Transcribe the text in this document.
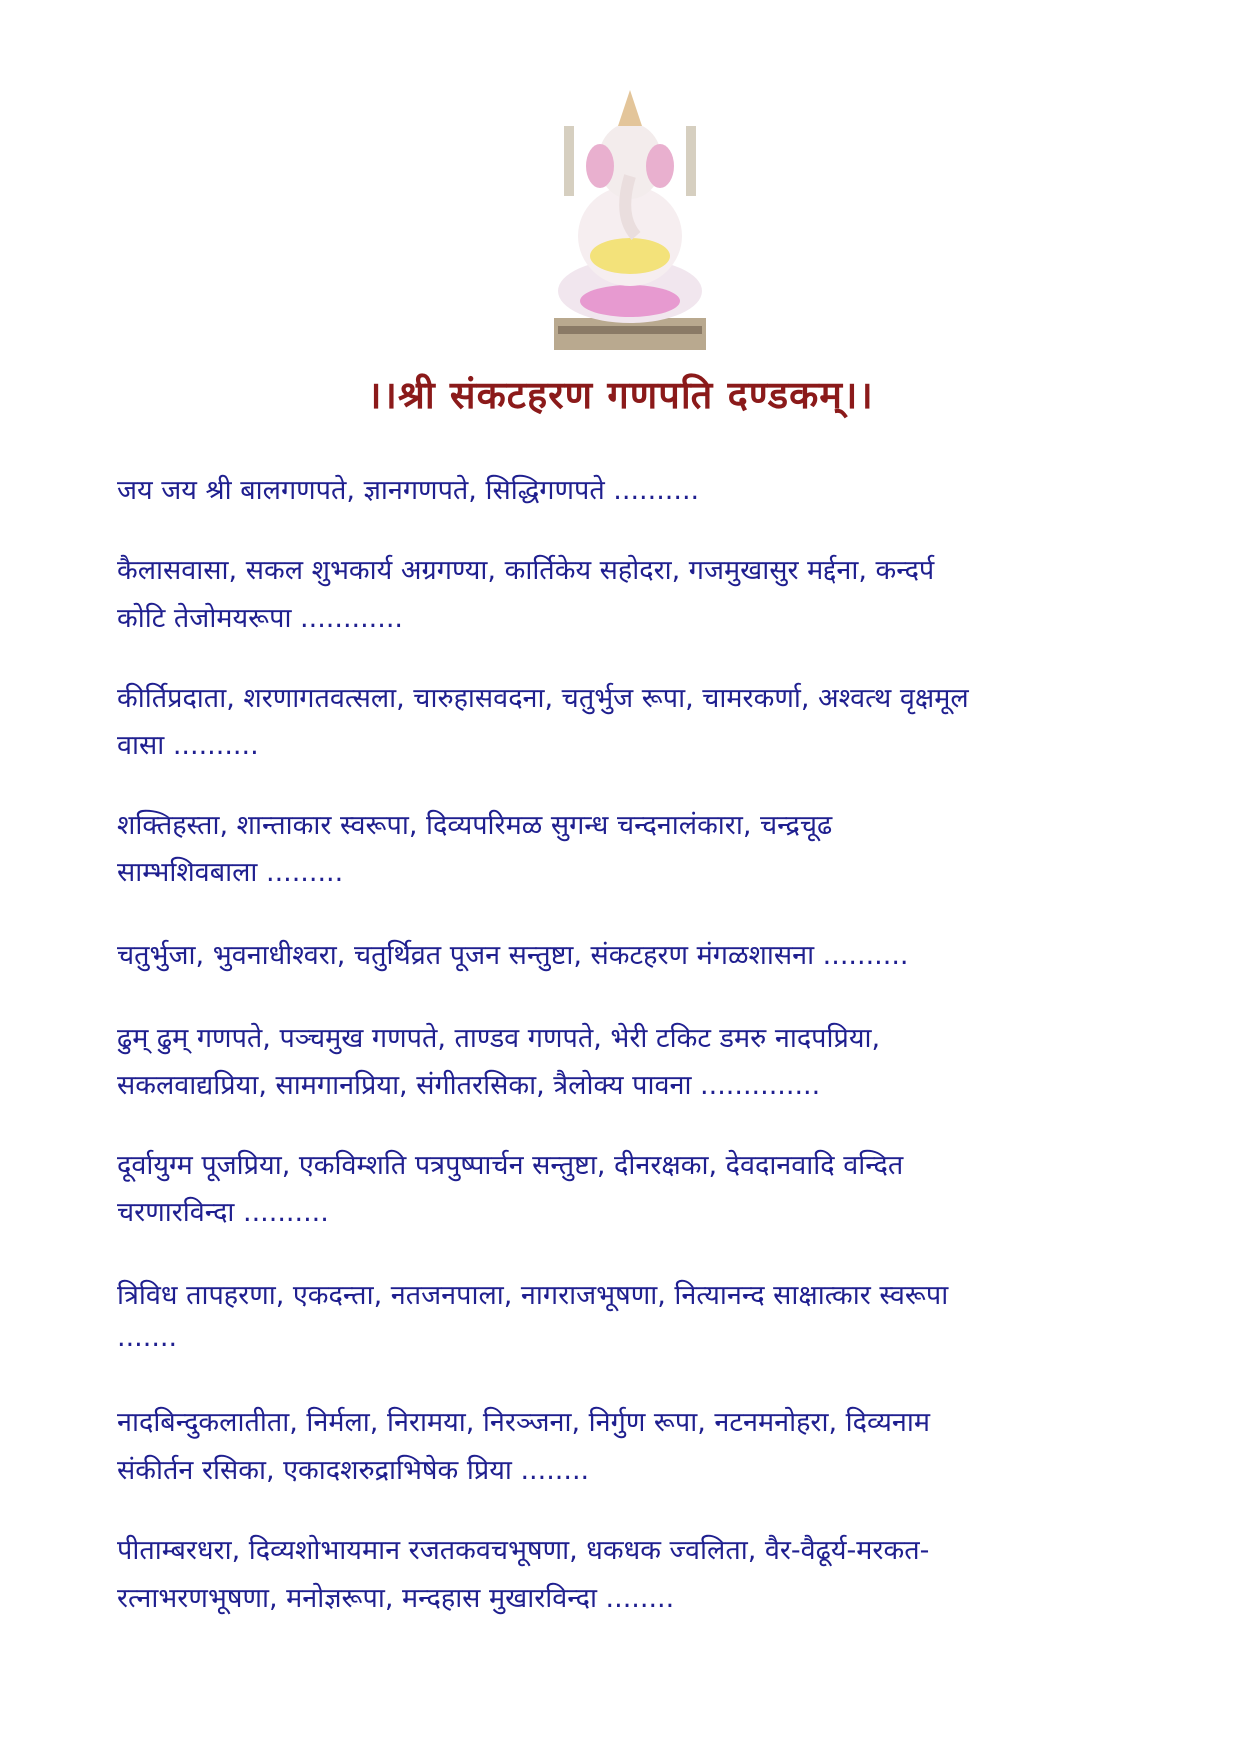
।।श्री संकटहरण गणपति दण्डकम्।।
जय जय श्री बालगणपते, ज्ञानगणपते, सिद्धिगणपते ..........
कैलासवासा, सकल शुभकार्य अग्रगण्या, कार्तिकेय सहोदरा, गजमुखासुर मर्द्दना, कन्दर्प
कोटि तेजोमयरूपा ............
कीर्तिप्रदाता, शरणागतवत्सला, चारुहासवदना, चतुर्भुज रूपा, चामरकर्णा, अश्वत्थ वृक्षमूल
वासा ..........
शक्तिहस्ता, शान्ताकार स्वरूपा, दिव्यपरिमळ सुगन्ध चन्दनालंकारा, चन्द्रचूढ
साम्भशिवबाला .........
चतुर्भुजा, भुवनाधीश्वरा, चतुर्थिव्रत पूजन सन्तुष्टा, संकटहरण मंगळशासना ..........
ढुम् ढुम् गणपते, पञ्चमुख गणपते, ताण्डव गणपते, भेरी टकिट डमरु नादपप्रिया,
सकलवाद्यप्रिया, सामगानप्रिया, संगीतरसिका, त्रैलोक्य पावना ..............
दूर्वायुग्म पूजप्रिया, एकविम्शति पत्रपुष्पार्चन सन्तुष्टा, दीनरक्षका, देवदानवादि वन्दित
चरणारविन्दा ..........
त्रिविध तापहरणा, एकदन्ता, नतजनपाला, नागराजभूषणा, नित्यानन्द साक्षात्कार स्वरूपा
.......
नादबिन्दुकलातीता, निर्मला, निरामया, निरञ्जना, निर्गुण रूपा, नटनमनोहरा, दिव्यनाम
संकीर्तन रसिका, एकादशरुद्राभिषेक प्रिया ........
पीताम्बरधरा, दिव्यशोभायमान रजतकवचभूषणा, धकधक ज्वलिता, वैर-वैढूर्य-मरकत-
रत्नाभरणभूषणा, मनोज्ञरूपा, मन्दहास मुखारविन्दा ........
